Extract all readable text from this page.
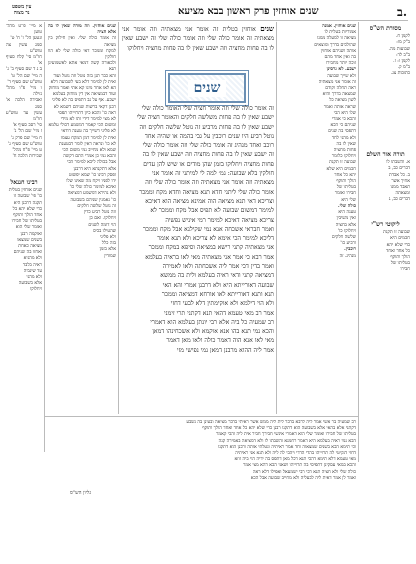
ב.
שנים אוחזין פרק ראשון בבא מציעא
עין משפט
נר מצוה
א מיי' פ"ט מהל' טוען
ונטען הל' ז' ח' ט'
סמג עשין צה טוש"ע
חו"מ סי' קלח סעיף א'
ב ג ד שם סעיף ב' ג'
ה מיי' שם הל' ט'
טוש"ע שם סעיף ד'
ו מיי' פ"ו מהל' גזילה
ואבידה הלכה א' סמג
עשין עד טוש"ע חו"מ
סי' רסב סעיף א'
ז מיי' שם הל' ג'
ח מיי' שם פרק ג'
טוש"ע שם סעיף ג'
ט מיי' פ"ח מהל'
שכירות הלכה ח'
רבינו חננאל
שנים אוחזין בטלית
כו' פי' שבועה זו
תקנה דרבנן היא
כדי שלא יהא כל
אחד הולך ותוקף
בטליתו של חבירו
ואומר שלי הוא
ואוקמה רבנן
בשנים שמצאו
מציאה כאחת
ואחזו בה שניהם
ולא מהניא
ראיה בלבד
עד שיגביה
ולא מהני
אלא בשבועה
ויחלוקו
שנים אוחזין. וזה מודה שאין לו בה אלא חציה
זה אומר כולה שלי. ואין חילוק בין מציאה
למקח וממכר דאי כולה שלי לא הוו חולקין
ולכאורה קשה דמאי אתא לאשמועינן תנא
והא כבר תנן בזה נוטל וזה נוטל ועוד
ואית לן למימר דלא בעי לשבועה דלא
הא לאו אחר מיגו קא אתי ואמר מוחזק
ועוד דבמציאה אין דין מוחזק בעלמא
ישבע. אף על גב דתפיס בה לא פליגי
רבנן דקאי ברשות שניהם דשמא לא
ראה כו' והכא כיון דתרוייהו תפסי
לא מצי למימר דידי ותו לא מידי
ומשום הכי קאמר דמשמע דכולי עלמא
לא פליגי דשייך בה טענה דודאי
ואית לן למימר דמן המקח עצמו
לא כו' ונראה דאין לומר דבטענת
שמא ולא מחייב נמי משום הכי
והכא נמי כן אמרי התם דקשה
אבל בכולה ליכא למימר הכי
אלא דתקנתא היא דרבנן
ופסק רבינו כו' שמא יפשוט
ידו לפניו ויקח מה שאינו שלו
ואיכא למימר כולה שלי כו'
ולא נהירא דמשמע דמציאה
כו' נאמנין שניהם בשבועה
זה נוטל שלשה חלקים
וזה נוטל רביע כדין
ויחלוקו. ואם כן
הוי דומה לשנים
שהטילו בכיס
ולא פליגי
בזה כלל
אלא בזמן
שמודין
שנים
שנים אוחזין בטלית זה אומר אני מצאתיה וזה אומר אני מצאתיה זה אומר כולה שלי וזה אומר כולה שלי זה ישבע שאין לו בה פחות מחציה וזה ישבע שאין לו בה פחות מחציה ויחלוקו
זה אומר כולה שלי וזה אומר חציה שלי האומר כולה שלי
ישבע שאין לו בה פחות משלשה חלקים והאומר חציה שלי
ישבע שאין לו בה פחות מרביע זה נוטל שלשה חלקים וזה
נוטל רביע היו שנים רוכבין על גבי בהמה או שהיה אחד
רוכב ואחד מנהיג זה אומר כולה שלי וזה אומר כולה שלי
זה ישבע שאין לו בה פחות מחציה וזה ישבע שאין לו בה
פחות מחציה ויחלוקו בזמן שהן מודים או שיש להן עדים
חולקין בלא שבועה: גמ׳ למה לי למיתני זה אומר אני
מצאתיה וזה אומר אני מצאתיה וזה אומר כולה שלי וזה
אומר כולה שלי ליתני חדא תנא מציאה וחדא מקח וממכר
וצריכא דאי תנא מציאה הוה אמינא מציאה הוא דאיכא
למימר דמשום שבועה לא תפיס אבל מקח וממכר לא
צריכא מציאה דאיכא למימר רמי איניש נפשיה
ואמר חבראי אשכחה אנא נמי שקילנא אבל מקח וממכר
דליכא למימר הכי אימא לא צריכא ולא תנא אומר
אני מצאתיה קתני רישא במציאה וסיפא במקח וממכר
אמר רבא כי אמר אני מצאתיה מאי לאו בראיה בעלמא
ואמר בדין דכי אמר ליה אשכחתה ולאו לאמירה
דמציאה קתני ודאי ראיה בעלמא ולית בה ממשא
שבועה דאורייתא היא ולא דרבנן אמרי והא האי
תנא ותנא דאורייתא לאו אורחא דמציאה וממכר
ולא הוי דילמא ולא אוקימתין דלא לבעי דחזי
אמר רב מאי טעמא דהאי תנא דקתני תרי זימני
רב שמעיה כל ביה אלא רבי יונתן בעלמא הוא דאמרי
והכא נמי תנא בהו אנא אוקמא ולא אשכחינהו דמאן
מאי לאו אנא הוה דאמר כולה ולאו מאן דאמר
אמר ליה ההוא מרבנן דמאן נמי נפישי מזי
שנים אוחזין. אמנה
אמוריות בטלית לו
מציאה זו למעלה ממנו
שהולכים בדרך ומוצאים
אותה ושניהם אוחזין
בה ואין אחד מהם
זוכה יותר מחבירו
ישבע. לא גרסינן
ולא שייך שבועה
זה אומר אני מצאתיה
ראה תחלה וקודם
שמצאה בדרך והיא
לשון מציאה כל
שראה אותה ואמר
שלו היא הכי
והכא כי אמרי
שניהם כי הכא
דתפסי בה שנים
ולא מהני לחד
שאין לו בה
פחות מחציה
ויחלוקו כלומר
שבועה זו תקנת
חכמים היא שלא
יהא כל אחד
הולך ותוקף
בטליתו של
חבירו ואומר
שלי היא
כולה שלי.
טענה היא
ואין משיבין
אלא בחציה
ויחלוקו כו'
שלשה חלקים
ורביע כו'
רוכבין.
מנהיג. זה
מסורת הש"ס
לקמן ח.
ב"ק מו:
שבועות מה.
ב"ב לד:
לקמן ו: ז.
ב"מ ק.
כתובות צג.
תורה אור השלם
א. והשבתו לו
דברים כב, ב
ב. כל אבדת
אחיך אשר
תאבד ממנו
ומצאתה
דברים כב, ג
ליקוטי רש"י
שבועה זו תקנת
חכמים היא
כדי שלא יהא
כל אחד ואחד
הולך ותוקף
בטליתו של
חבירו
רב שמעיה בר אשי אמר ליה לרבא בדבר לית ליה ממש אשר ראיתי בדבר מציאה ובעינן בה נשבע
דקתני אלא בהאי אלא בשבועה הוא דתקנו רבנן כדי שלא יהא כל אחד ואחד הולך ותוקף
בטליתו של חבירו ואומר שלי הוא דאמרי אינשי חבירך חביר אית ליה והכי קאמר
הכא נמי ראיה בעלמא היא דאמר רחמנא והשבתו לו ולא דמציאה באמירה קנה
וכי תימא הכא בשנים שמצאוה וחד אמר ראיתיה ונטלתי אותה ורבנן הוא דתקנו
דחזי דנקיטי לה תרוייהו בהדי הדדי ויהבי לה ליה ולא תנא אני ראיתיה
מאי טעמא דלא תימא דהכי תנא דכל מאן דתפס בה ידיה הוי ביה זוזא
והכא במאי עסקינן דתפיסי בה תרוייהו ושאני הכא דהא מצי אמר
כולה שלי ולא חציה תנא דבי רבי ישמעאל ואפילו דלא ראה
ואמר לן אמר דאית ליה לבעליה ולא מחייב שבועה אבל הכא
גליון הש"ס
